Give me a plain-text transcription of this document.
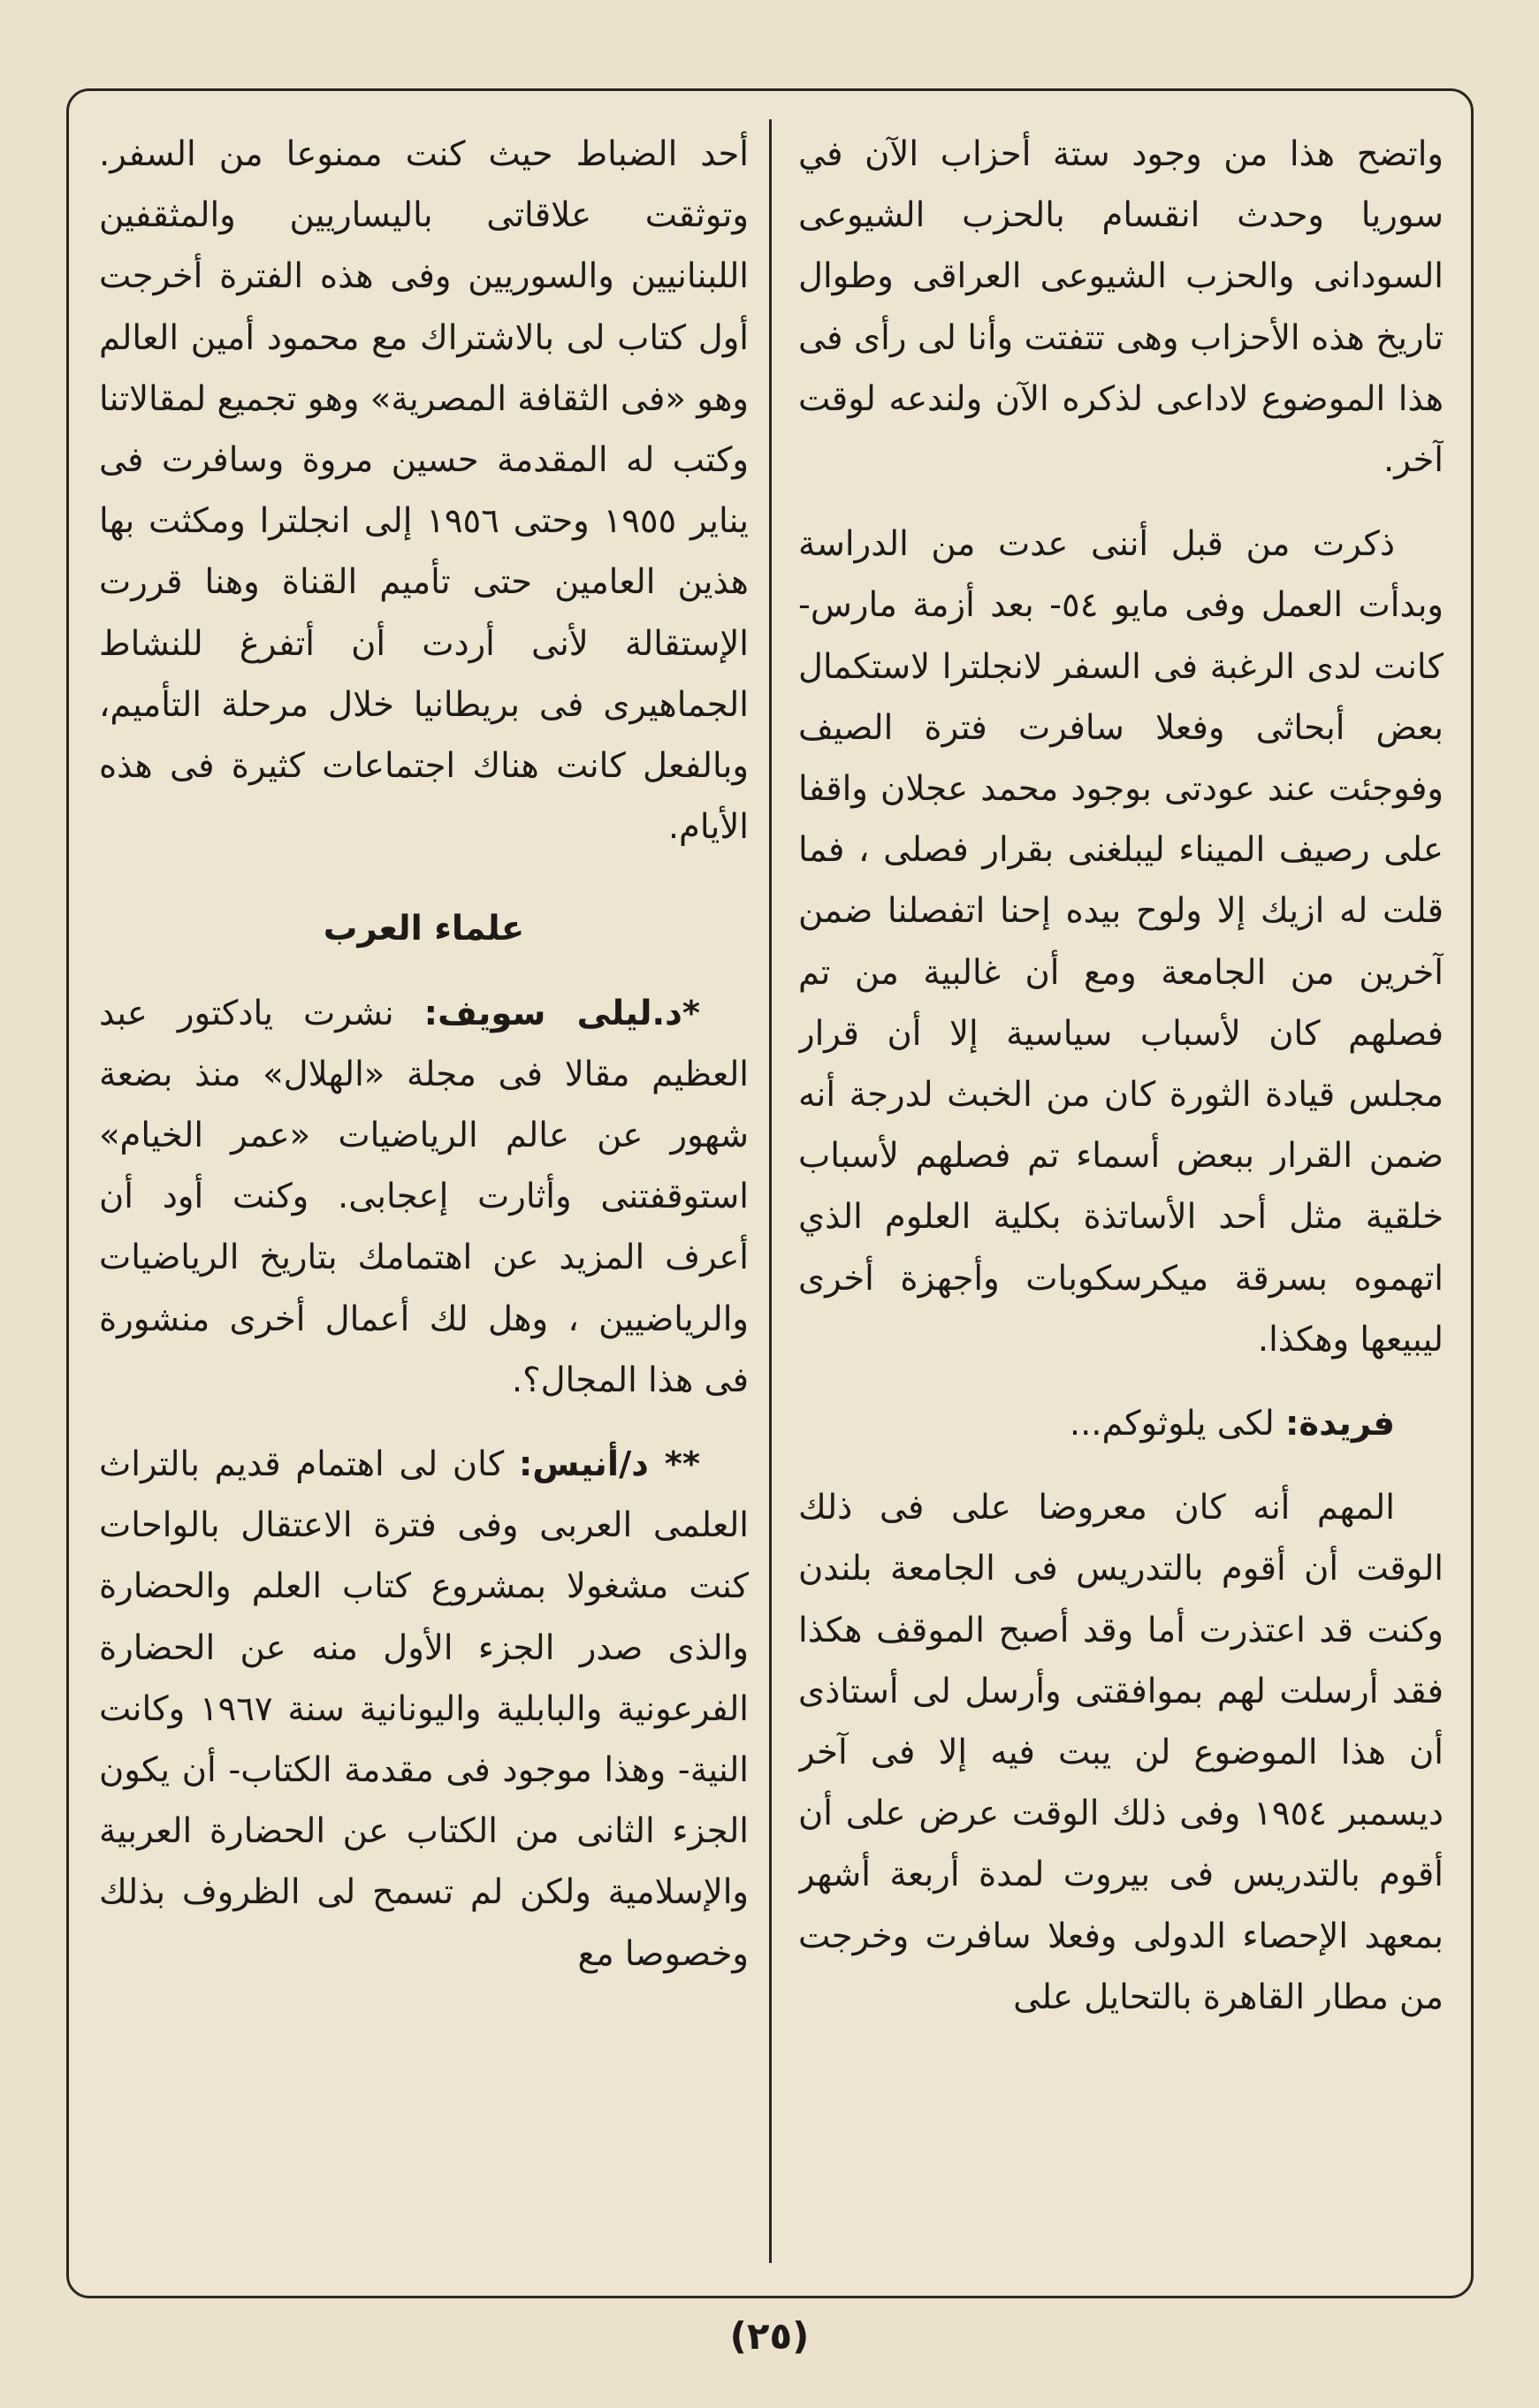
واتضح هذا من وجود ستة أحزاب الآن في سوريا وحدث انقسام بالحزب الشيوعى السودانى والحزب الشيوعى العراقى وطوال تاريخ هذه الأحزاب وهى تتفتت وأنا لى رأى فى هذا الموضوع لاداعى لذكره الآن ولندعه لوقت آخر.

ذكرت من قبل أننى عدت من الدراسة وبدأت العمل وفى مايو ٥٤- بعد أزمة مارس- كانت لدى الرغبة فى السفر لانجلترا لاستكمال بعض أبحاثى وفعلا سافرت فترة الصيف وفوجئت عند عودتى بوجود محمد عجلان واقفا على رصيف الميناء ليبلغنى بقرار فصلى ، فما قلت له ازيك إلا ولوح بيده إحنا اتفصلنا ضمن آخرين من الجامعة ومع أن غالبية من تم فصلهم كان لأسباب سياسية إلا أن قرار مجلس قيادة الثورة كان من الخبث لدرجة أنه ضمن القرار ببعض أسماء تم فصلهم لأسباب خلقية مثل أحد الأساتذة بكلية العلوم الذي اتهموه بسرقة ميكرسكوبات وأجهزة أخرى ليبيعها وهكذا.

فريدة: لكى يلوثوكم...

المهم أنه كان معروضا على فى ذلك الوقت أن أقوم بالتدريس فى الجامعة بلندن وكنت قد اعتذرت أما وقد أصبح الموقف هكذا فقد أرسلت لهم بموافقتى وأرسل لى أستاذى أن هذا الموضوع لن يبت فيه إلا فى آخر ديسمبر ١٩٥٤ وفى ذلك الوقت عرض على أن أقوم بالتدريس فى بيروت لمدة أربعة أشهر بمعهد الإحصاء الدولى وفعلا سافرت وخرجت من مطار القاهرة بالتحايل على

أحد الضباط حيث كنت ممنوعا من السفر. وتوثقت علاقاتى باليساريين والمثقفين اللبنانيين والسوريين وفى هذه الفترة أخرجت أول كتاب لى بالاشتراك مع محمود أمين العالم وهو «فى الثقافة المصرية» وهو تجميع لمقالاتنا وكتب له المقدمة حسين مروة وسافرت فى يناير ١٩٥٥ وحتى ١٩٥٦ إلى انجلترا ومكثت بها هذين العامين حتى تأميم القناة وهنا قررت الإستقالة لأنى أردت أن أتفرغ للنشاط الجماهيرى فى بريطانيا خلال مرحلة التأميم، وبالفعل كانت هناك اجتماعات كثيرة فى هذه الأيام.

علماء العرب

*د.ليلى سويف: نشرت يادكتور عبد العظيم مقالا فى مجلة «الهلال» منذ بضعة شهور عن عالم الرياضيات «عمر الخيام» استوقفتنى وأثارت إعجابى. وكنت أود أن أعرف المزيد عن اهتمامك بتاريخ الرياضيات والرياضيين ، وهل لك أعمال أخرى منشورة فى هذا المجال؟.

** د/أنيس: كان لى اهتمام قديم بالتراث العلمى العربى وفى فترة الاعتقال بالواحات كنت مشغولا بمشروع كتاب العلم والحضارة والذى صدر الجزء الأول منه عن الحضارة الفرعونية والبابلية واليونانية سنة ١٩٦٧ وكانت النية- وهذا موجود فى مقدمة الكتاب- أن يكون الجزء الثانى من الكتاب عن الحضارة العربية والإسلامية ولكن لم تسمح لى الظروف بذلك وخصوصا مع

(٢٥)
